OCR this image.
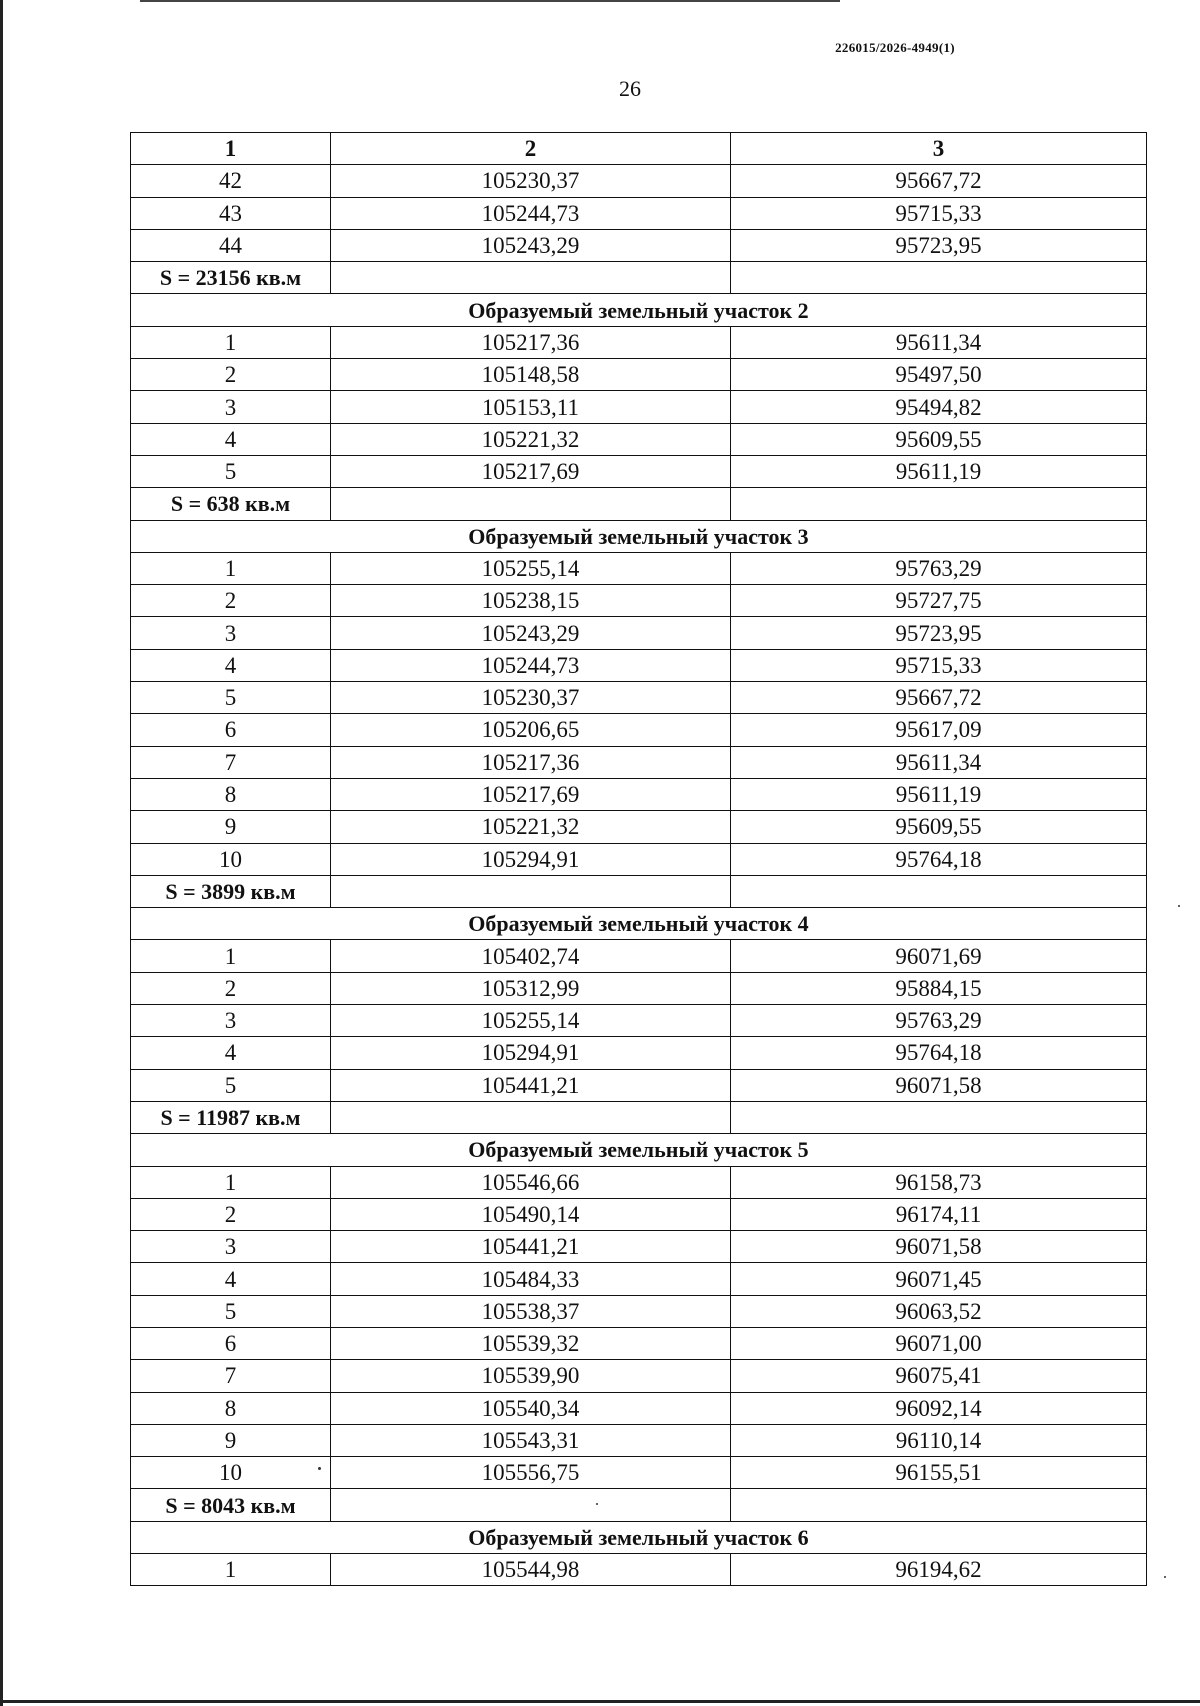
226015/2026-4949(1)
26
1	2	3
42	105230,37	95667,72
43	105244,73	95715,33
44	105243,29	95723,95
S = 23156 кв.м		
Образуемый земельный участок 2		
1	105217,36	95611,34
2	105148,58	95497,50
3	105153,11	95494,82
4	105221,32	95609,55
5	105217,69	95611,19
S = 638 кв.м		
Образуемый земельный участок 3		
1	105255,14	95763,29
2	105238,15	95727,75
3	105243,29	95723,95
4	105244,73	95715,33
5	105230,37	95667,72
6	105206,65	95617,09
7	105217,36	95611,34
8	105217,69	95611,19
9	105221,32	95609,55
10	105294,91	95764,18
S = 3899 кв.м		
Образуемый земельный участок 4		
1	105402,74	96071,69
2	105312,99	95884,15
3	105255,14	95763,29
4	105294,91	95764,18
5	105441,21	96071,58
S = 11987 кв.м		
Образуемый земельный участок 5		
1	105546,66	96158,73
2	105490,14	96174,11
3	105441,21	96071,58
4	105484,33	96071,45
5	105538,37	96063,52
6	105539,32	96071,00
7	105539,90	96075,41
8	105540,34	96092,14
9	105543,31	96110,14
10	105556,75	96155,51
S = 8043 кв.м		
Образуемый земельный участок 6		
1	105544,98	96194,62
